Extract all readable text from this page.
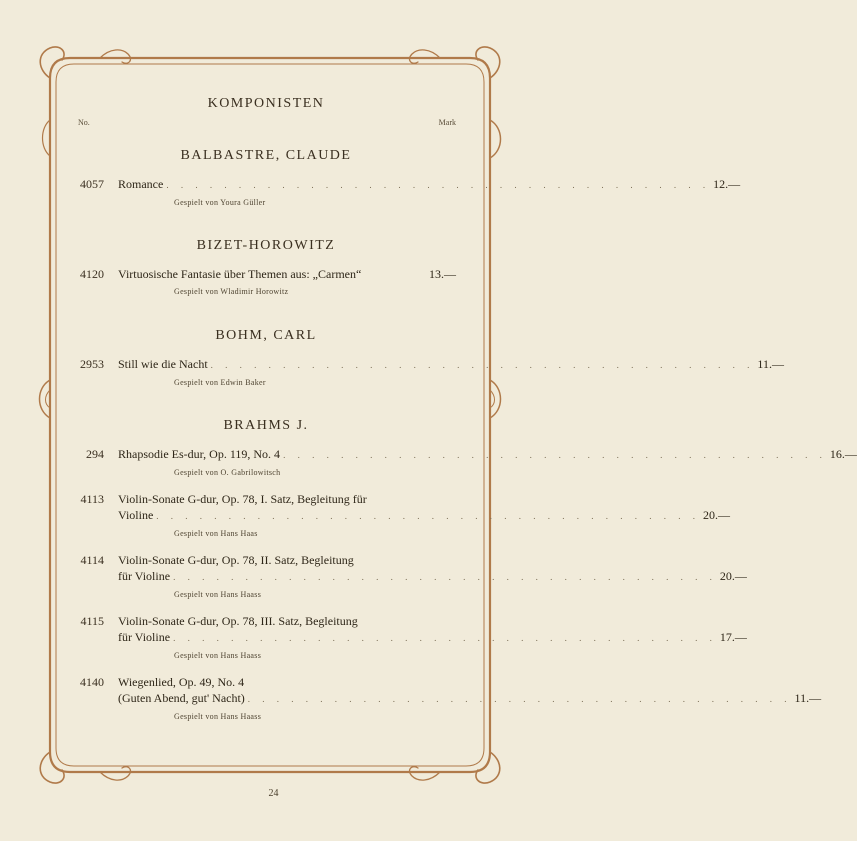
KOMPONISTEN
No.	Mark
BALBASTRE, CLAUDE
4057 Romance . . . . . . . . . . . . . . . . . . . . . . . . . . . . . . . . . . . . . . 12.—
Gespielt von Youra Güller
BIZET-HOROWITZ
4120 Virtuosische Fantasie über Themen aus: „Carmen“	13.—
Gespielt von Wladimir Horowitz
BOHM, CARL
2953 Still wie die Nacht . . . . . . . . . . . . . . . . . . . . . . . . . . . . . . . . . . . . . . 11.—
Gespielt von Edwin Baker
BRAHMS J.
294 Rhapsodie Es-dur, Op. 119, No. 4 . . . . . . . . . . . . . . . . . . . . . . . . . . . . . . . . . . . . . . 16.—
Gespielt von O. Gabrilowitsch
4113 Violin-Sonate G-dur, Op. 78, I. Satz, Begleitung für
Violine . . . . . . . . . . . . . . . . . . . . . . . . . . . . . . . . . . . . . . 20.—
Gespielt von Hans Haas
4114 Violin-Sonate G-dur, Op. 78, II. Satz, Begleitung
für Violine . . . . . . . . . . . . . . . . . . . . . . . . . . . . . . . . . . . . . . 20.—
Gespielt von Hans Haass
4115 Violin-Sonate G-dur, Op. 78, III. Satz, Begleitung
für Violine . . . . . . . . . . . . . . . . . . . . . . . . . . . . . . . . . . . . . . 17.—
Gespielt von Hans Haass
4140 Wiegenlied, Op. 49, No. 4
(Guten Abend, gut' Nacht) . . . . . . . . . . . . . . . . . . . . . . . . . . . . . . . . . . . . . . 11.—
Gespielt von Hans Haass
24
